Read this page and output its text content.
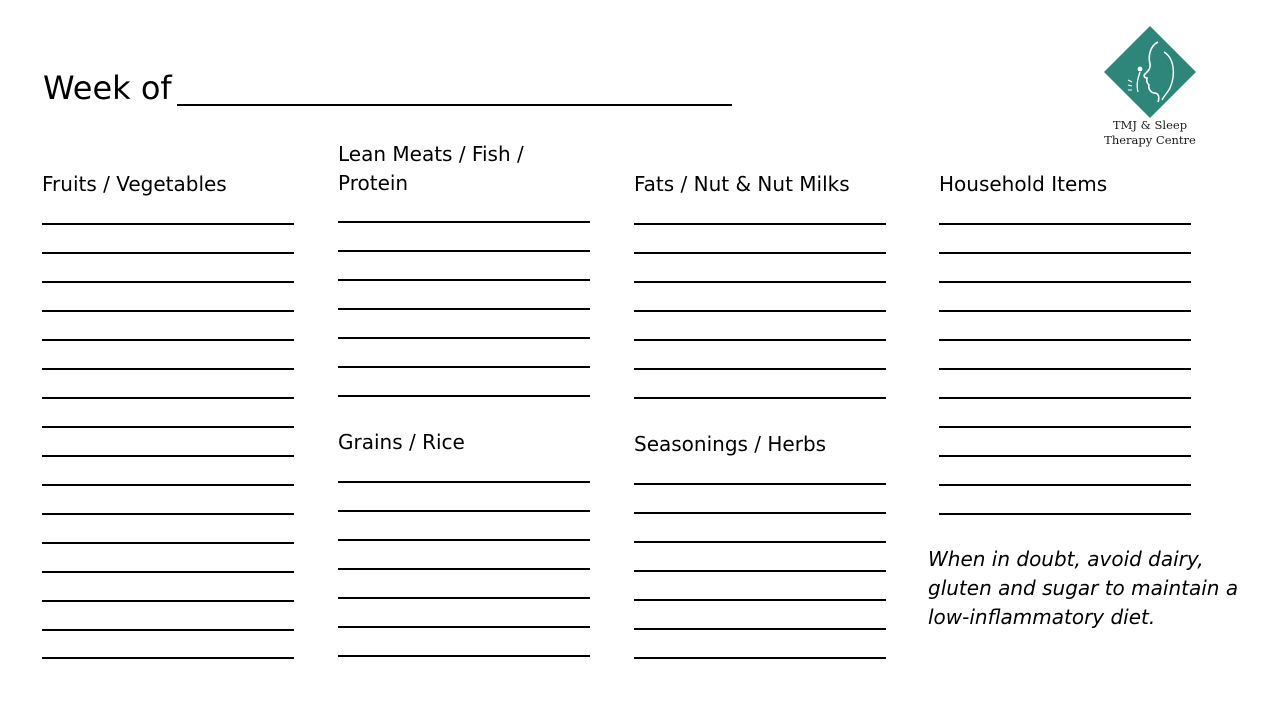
Week of
TMJ & Sleep
Therapy Centre
Fruits / Vegetables
Lean Meats / Fish /
Protein
Grains / Rice
Fats / Nut & Nut Milks
Seasonings / Herbs
Household Items
When in doubt, avoid dairy, gluten and sugar to maintain a low-inflammatory diet.
